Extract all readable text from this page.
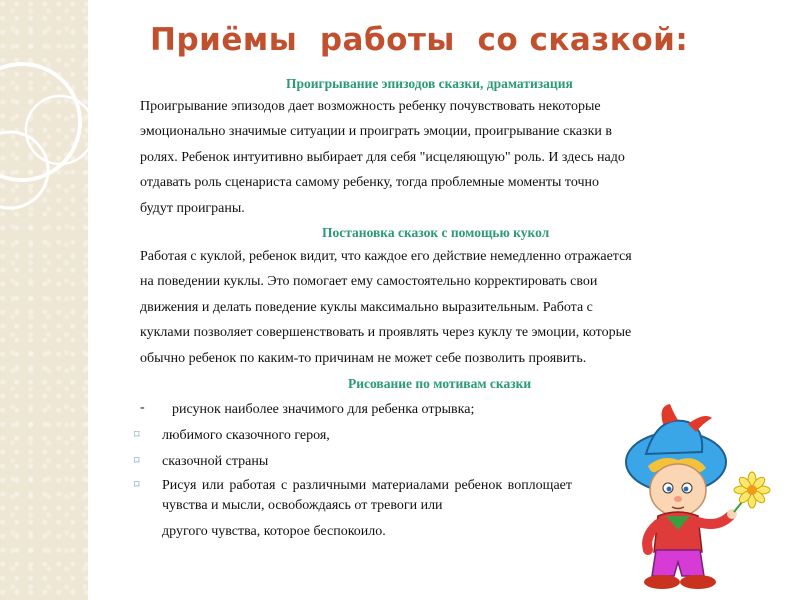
Приёмы  работы  со сказкой:
Проигрывание эпизодов сказки, драматизация
Проигрывание эпизодов дает возможность ребенку почувствовать некоторые
эмоционально значимые ситуации и проиграть эмоции, проигрывание сказки в
ролях. Ребенок интуитивно выбирает для себя "исцеляющую" роль. И здесь надо
отдавать роль сценариста самому ребенку, тогда проблемные моменты точно
будут проиграны.
Постановка сказок с помощью кукол
Работая с куклой, ребенок видит, что каждое его действие немедленно отражается
на поведении куклы. Это помогает ему самостоятельно корректировать свои
движения и делать поведение куклы максимально выразительным. Работа с
куклами позволяет совершенствовать и проявлять через куклу те эмоции, которые
обычно ребенок по каким-то причинам не может себе позволить проявить.
Рисование по мотивам сказки
- рисунок наиболее значимого для ребенка отрывка;
⌑ любимого сказочного героя,
⌑ сказочной страны
⌑ Рисуя или работая с различными материалами ребенок воплощает
чувства и мысли, освобождаясь от тревоги или
другого чувства, которое беспокоило.
